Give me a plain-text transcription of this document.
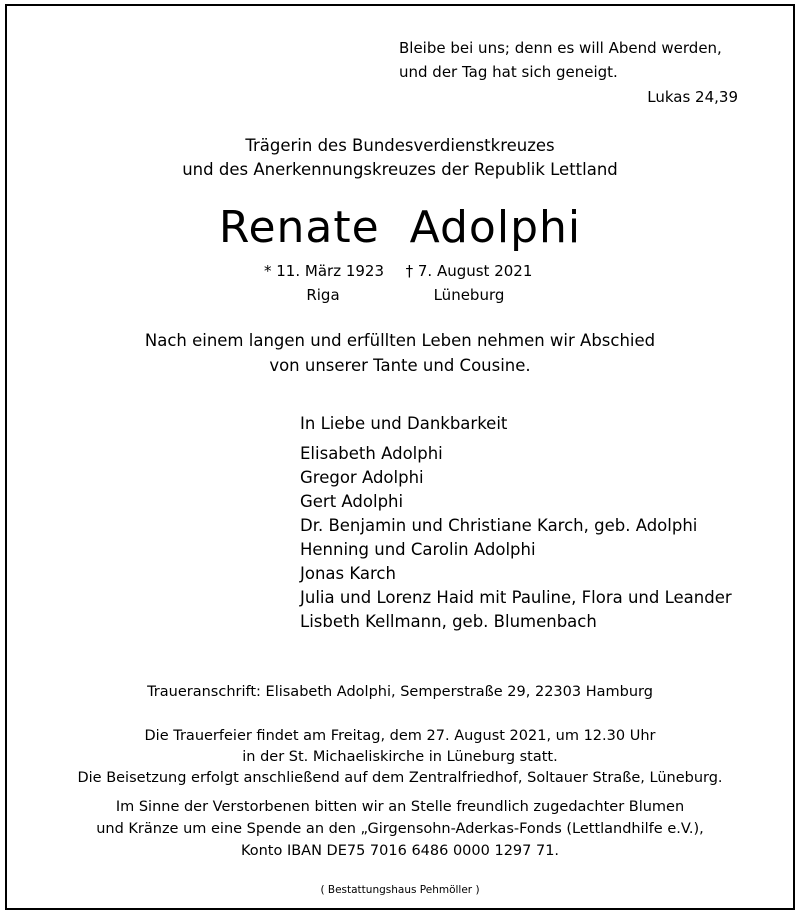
Bleibe bei uns; denn es will Abend werden,
und der Tag hat sich geneigt.
Lukas 24,39
Trägerin des Bundesverdienstkreuzes
und des Anerkennungskreuzes der Republik Lettland
Renate  Adolphi
* 11. März 1923
Riga
† 7. August 2021
Lüneburg
Nach einem langen und erfüllten Leben nehmen wir Abschied
von unserer Tante und Cousine.
In Liebe und Dankbarkeit
Elisabeth Adolphi
Gregor Adolphi
Gert Adolphi
Dr. Benjamin und Christiane Karch, geb. Adolphi
Henning und Carolin Adolphi
Jonas Karch
Julia und Lorenz Haid mit Pauline, Flora und Leander
Lisbeth Kellmann, geb. Blumenbach
Traueranschrift: Elisabeth Adolphi, Semperstraße 29, 22303 Hamburg
Die Trauerfeier findet am Freitag, dem 27. August 2021, um 12.30 Uhr
in der St. Michaeliskirche in Lüneburg statt.
Die Beisetzung erfolgt anschließend auf dem Zentralfriedhof, Soltauer Straße, Lüneburg.
Im Sinne der Verstorbenen bitten wir an Stelle freundlich zugedachter Blumen
und Kränze um eine Spende an den „Girgensohn-Aderkas-Fonds (Lettlandhilfe e.V.),
Konto IBAN DE75 7016 6486 0000 1297 71.
( Bestattungshaus Pehmöller )
